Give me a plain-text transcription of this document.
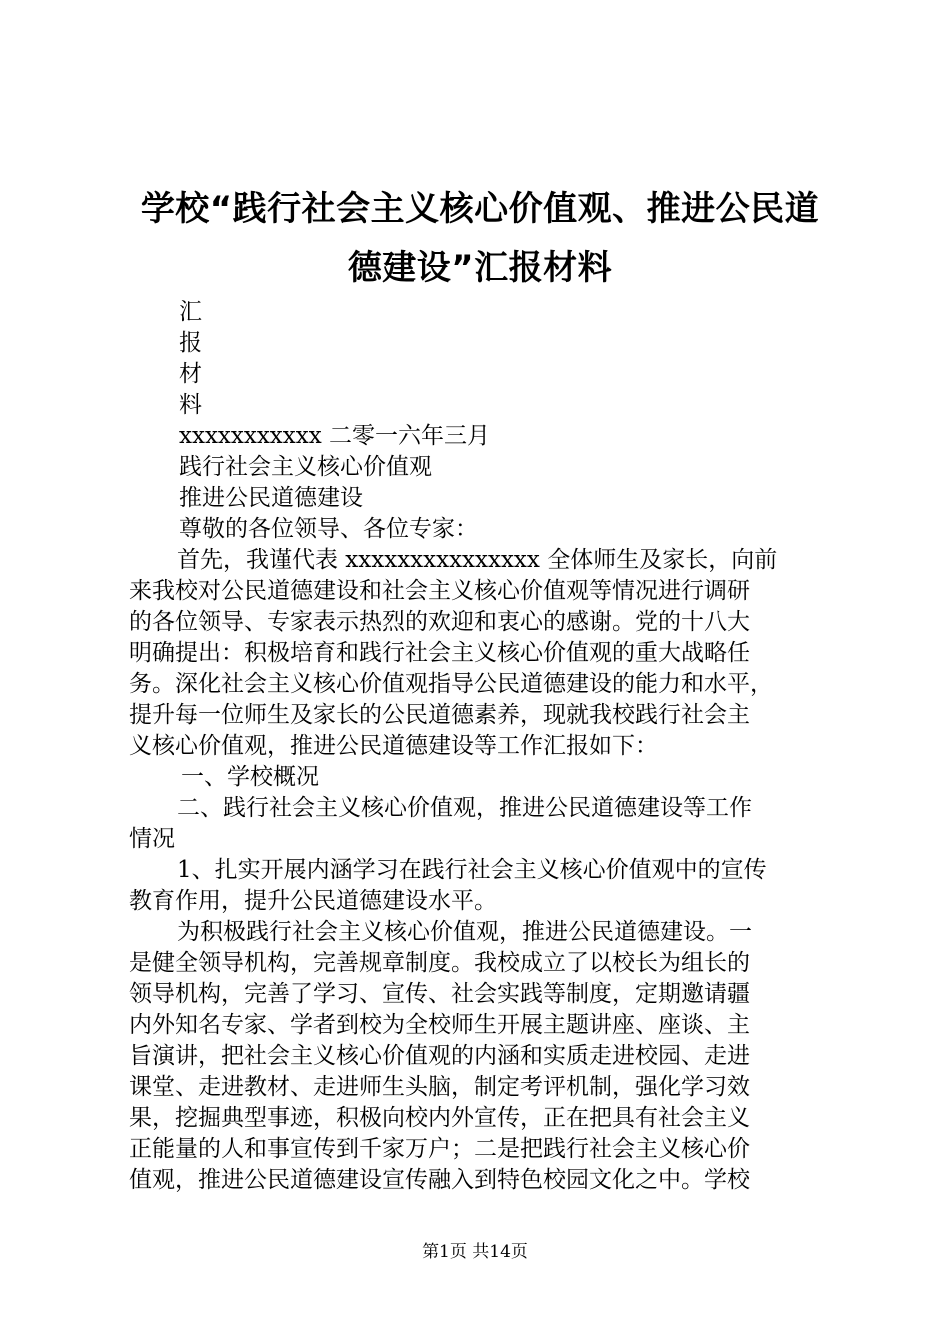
学校“践行社会主义核心价值观、推进公民道
德建设”汇报材料
汇
报
材
料
xxxxxxxxxxx 二零一六年三月
践行社会主义核心价值观
推进公民道德建设
尊敬的各位领导、各位专家：
首先，我谨代表 xxxxxxxxxxxxxxx 全体师生及家长，向前
来我校对公民道德建设和社会主义核心价值观等情况进行调研
的各位领导、专家表示热烈的欢迎和衷心的感谢。党的十八大
明确提出：积极培育和践行社会主义核心价值观的重大战略任
务。深化社会主义核心价值观指导公民道德建设的能力和水平，
提升每一位师生及家长的公民道德素养，现就我校践行社会主
义核心价值观，推进公民道德建设等工作汇报如下：
一、学校概况
二、践行社会主义核心价值观，推进公民道德建设等工作
情况
1、扎实开展内涵学习在践行社会主义核心价值观中的宣传
教育作用，提升公民道德建设水平。
为积极践行社会主义核心价值观，推进公民道德建设。一
是健全领导机构，完善规章制度。我校成立了以校长为组长的
领导机构，完善了学习、宣传、社会实践等制度，定期邀请疆
内外知名专家、学者到校为全校师生开展主题讲座、座谈、主
旨演讲，把社会主义核心价值观的内涵和实质走进校园、走进
课堂、走进教材、走进师生头脑，制定考评机制，强化学习效
果，挖掘典型事迹，积极向校内外宣传，正在把具有社会主义
正能量的人和事宣传到千家万户；二是把践行社会主义核心价
值观，推进公民道德建设宣传融入到特色校园文化之中。学校
第1页 共14页
